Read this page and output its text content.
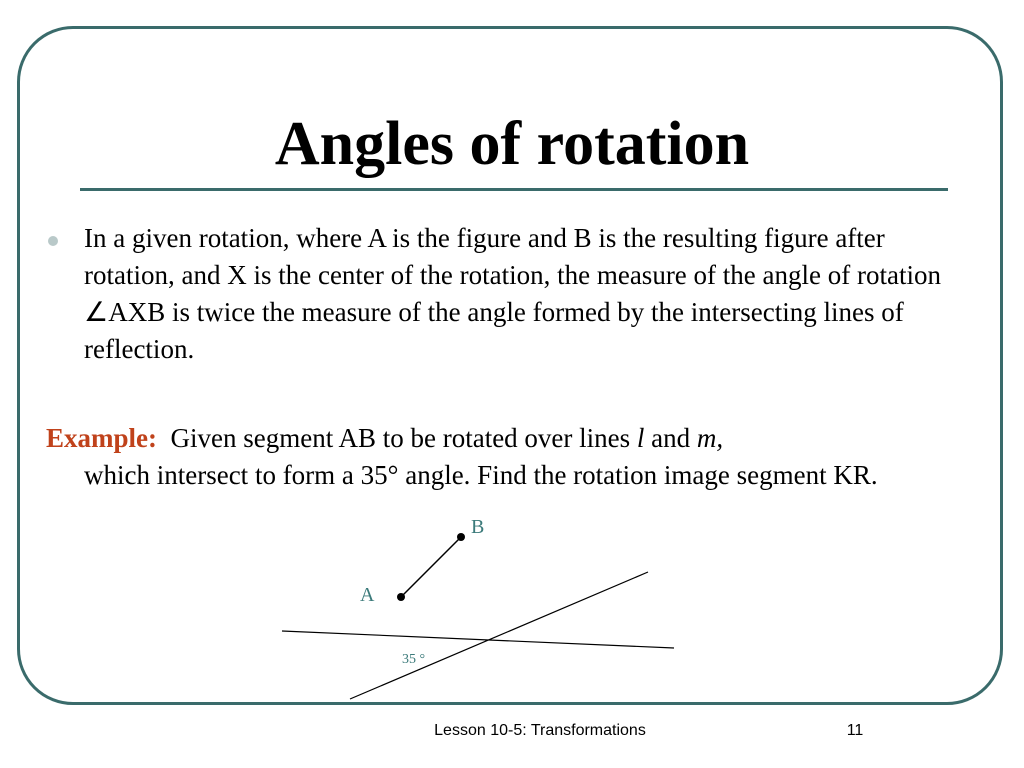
Angles of rotation

In a given rotation, where A is the figure and B is the resulting figure after rotation, and X is the center of the rotation, the measure of the angle of rotation ∠AXB is twice the measure of the angle formed by the intersecting lines of reflection.

Example: Given segment AB to be rotated over lines l and m,
which intersect to form a 35° angle. Find the rotation image segment KR.

B
A
35 °
Lesson 10-5: Transformations	11
